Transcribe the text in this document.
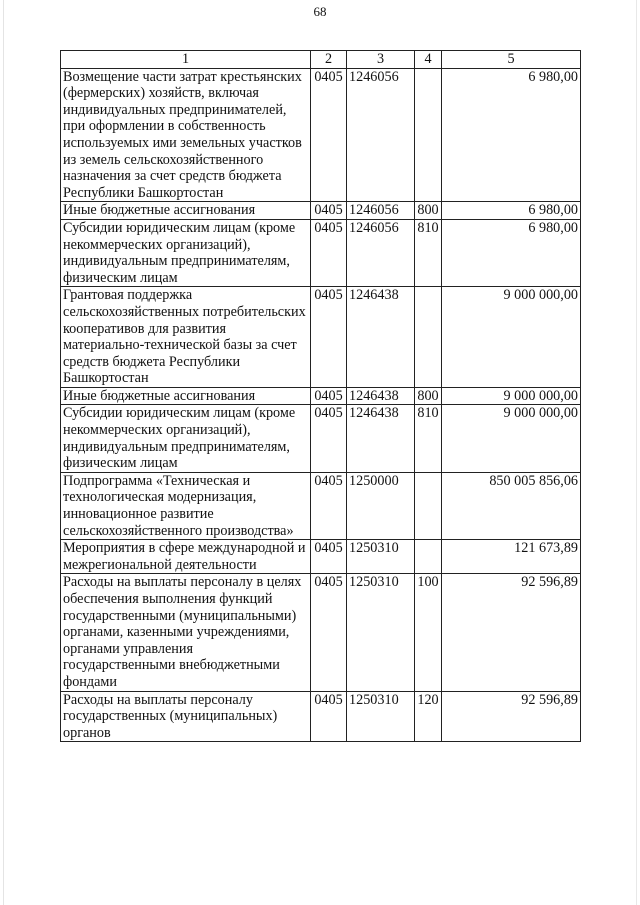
68
1	2	3	4	5
Возмещение части затрат крестьянских (фермерских) хозяйств, включая индивидуальных предпринимателей, при оформлении в собственность используемых ими земельных участков из земель сельскохозяйственного назначения за счет средств бюджета Республики Башкортостан	0405	1246056		6 980,00
Иные бюджетные ассигнования	0405	1246056	800	6 980,00
Субсидии юридическим лицам (кроме некоммерческих организаций), индивидуальным предпринимателям, физическим лицам	0405	1246056	810	6 980,00
Грантовая поддержка сельскохозяйственных потребительских кооперативов для развития материально-технической базы за счет средств бюджета Республики Башкортостан	0405	1246438		9 000 000,00
Иные бюджетные ассигнования	0405	1246438	800	9 000 000,00
Субсидии юридическим лицам (кроме некоммерческих организаций), индивидуальным предпринимателям, физическим лицам	0405	1246438	810	9 000 000,00
Подпрограмма «Техническая и технологическая модернизация, инновационное развитие сельскохозяйственного производства»	0405	1250000		850 005 856,06
Мероприятия в сфере международной и межрегиональной деятельности	0405	1250310		121 673,89
Расходы на выплаты персоналу в целях обеспечения выполнения функций государственными (муниципальными) органами, казенными учреждениями, органами управления государственными внебюджетными фондами	0405	1250310	100	92 596,89
Расходы на выплаты персоналу государственных (муниципальных) органов	0405	1250310	120	92 596,89
